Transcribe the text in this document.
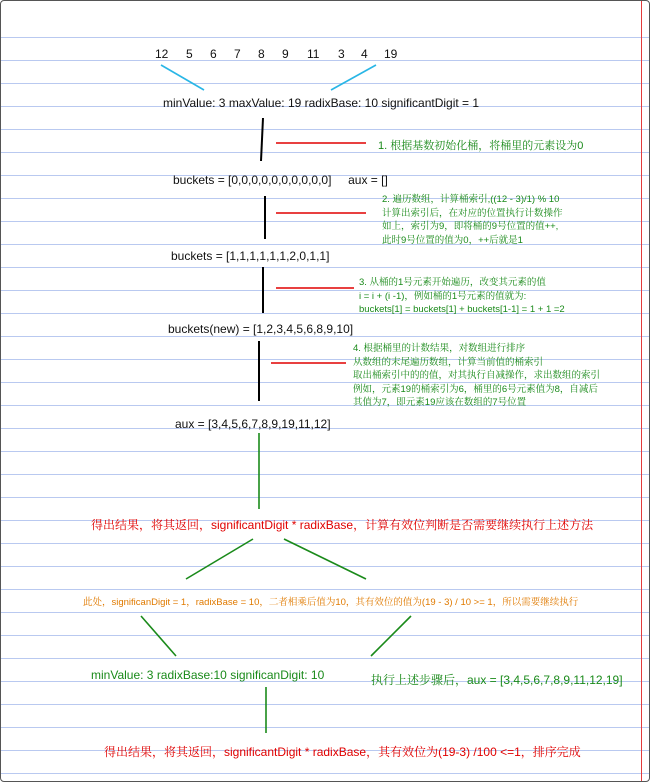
12 5 6 7 8 9 11 3 4 19
minValue: 3 maxValue: 19 radixBase: 10 significantDigit = 1
1. 根据基数初始化桶，将桶里的元素设为0
buckets = [0,0,0,0,0,0,0,0,0,0]     aux = []
2. 遍历数组，计算桶索引,((12 - 3)/1) % 10
计算出索引后，在对应的位置执行计数操作
如上，索引为9，即将桶的9号位置的值++,
此时9号位置的值为0，++后就是1
buckets = [1,1,1,1,1,1,2,0,1,1]
3. 从桶的1号元素开始遍历，改变其元素的值
i = i + (i -1)，例如桶的1号元素的值就为:
buckets[1] = buckets[1] + buckets[1-1] = 1 + 1 =2
buckets(new) = [1,2,3,4,5,6,8,9,10]
4. 根据桶里的计数结果，对数组进行排序
从数组的末尾遍历数组，计算当前值的桶索引
取出桶索引中的的值，对其执行自减操作，求出数组的索引
例如，元素19的桶索引为6，桶里的6号元素值为8，自减后
其值为7，即元素19应该在数组的7号位置
aux = [3,4,5,6,7,8,9,19,11,12]
得出结果，将其返回，significantDigit * radixBase，计算有效位判断是否需要继续执行上述方法
此处，significanDigit = 1，radixBase = 10，二者相乘后值为10，其有效位的值为(19 - 3) / 10 >= 1，所以需要继续执行
minValue: 3 radixBase:10 significanDigit: 10	执行上述步骤后，aux = [3,4,5,6,7,8,9,11,12,19]
得出结果，将其返回，significantDigit * radixBase，其有效位为(19-3) /100 <=1，排序完成
